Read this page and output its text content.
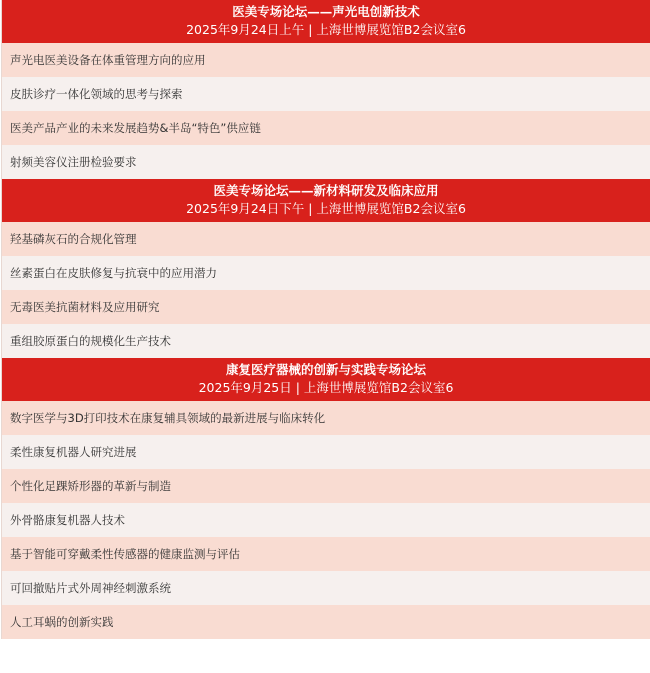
医美专场论坛——声光电创新技术
2025年9月24日上午 | 上海世博展览馆B2会议室6
声光电医美设备在体重管理方向的应用
皮肤诊疗一体化领域的思考与探索
医美产品产业的未来发展趋势&半岛“特色”供应链
射频美容仪注册检验要求
医美专场论坛——新材料研发及临床应用
2025年9月24日下午 | 上海世博展览馆B2会议室6
羟基磷灰石的合规化管理
丝素蛋白在皮肤修复与抗衰中的应用潜力
无毒医美抗菌材料及应用研究
重组胶原蛋白的规模化生产技术
康复医疗器械的创新与实践专场论坛
2025年9月25日 | 上海世博展览馆B2会议室6
数字医学与3D打印技术在康复辅具领域的最新进展与临床转化
柔性康复机器人研究进展
个性化足踝矫形器的革新与制造
外骨骼康复机器人技术
基于智能可穿戴柔性传感器的健康监测与评估
可回撤贴片式外周神经刺激系统
人工耳蜗的创新实践
